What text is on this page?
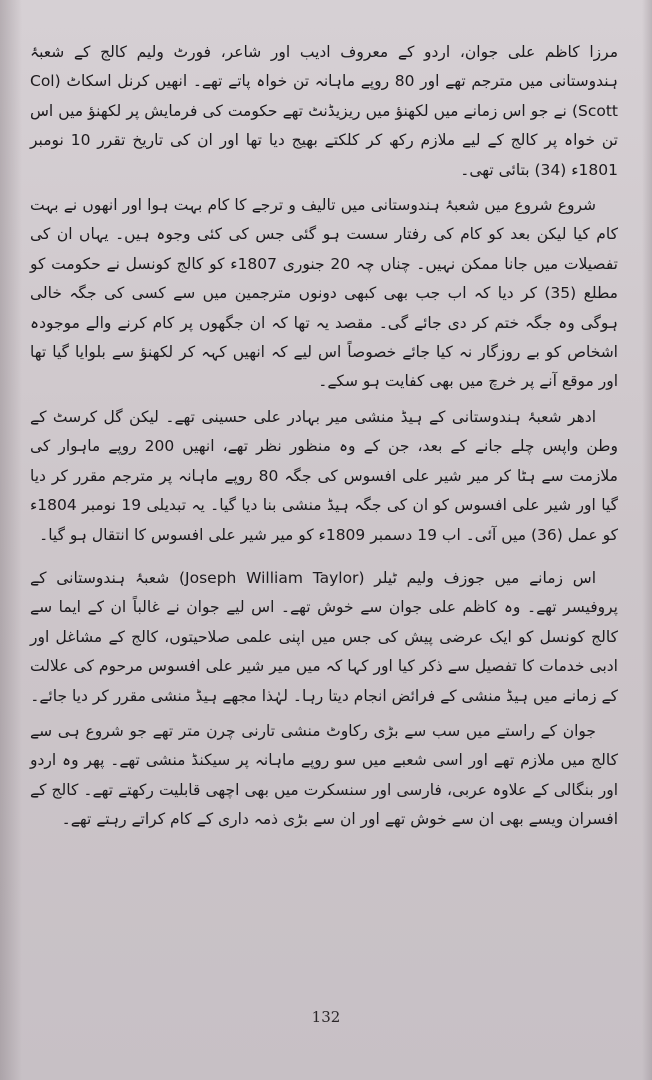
مرزا کاظم علی جوان، اردو کے معروف ادیب اور شاعر، فورٹ ولیم کالج کے شعبۂ ہندوستانی میں مترجم تھے اور 80 روپے ماہانہ تن خواہ پاتے تھے۔ انھیں کرنل اسکاٹ (Col Scott) نے جو اس زمانے میں لکھنؤ میں ریزیڈنٹ تھے حکومت کی فرمایش پر لکھنؤ میں اس تن خواہ پر کالج کے لیے ملازم رکھ کر کلکتے بھیج دیا تھا اور ان کی تاریخ تقرر 10 نومبر 1801ء (34) بتائی تھی۔

شروع شروع میں شعبۂ ہندوستانی میں تالیف و ترجے کا کام بہت ہوا اور انھوں نے بہت کام کیا لیکن بعد کو کام کی رفتار سست ہو گئی جس کی کئی وجوہ ہیں۔ یہاں ان کی تفصیلات میں جانا ممکن نہیں۔ چناں چہ 20 جنوری 1807ء کو کالج کونسل نے حکومت کو مطلع (35) کر دیا کہ اب جب بھی کبھی دونوں مترجمین میں سے کسی کی جگہ خالی ہوگی وہ جگہ ختم کر دی جائے گی۔ مقصد یہ تھا کہ ان جگھوں پر کام کرنے والے موجودہ اشخاص کو بے روزگار نہ کیا جائے خصوصاً اس لیے کہ انھیں کہہ کر لکھنؤ سے بلوایا گیا تھا اور موقع آنے پر خرچ میں بھی کفایت ہو سکے۔

ادھر شعبۂ ہندوستانی کے ہیڈ منشی میر بہادر علی حسینی تھے۔ لیکن گل کرسٹ کے وطن واپس چلے جانے کے بعد، جن کے وہ منظور نظر تھے، انھیں 200 روپے ماہوار کی ملازمت سے ہٹا کر میر شیر علی افسوس کی جگہ 80 روپے ماہانہ پر مترجم مقرر کر دیا گیا اور شیر علی افسوس کو ان کی جگہ ہیڈ منشی بنا دیا گیا۔ یہ تبدیلی 19 نومبر 1804ء کو عمل (36) میں آئی۔ اب 19 دسمبر 1809ء کو میر شیر علی افسوس کا انتقال ہو گیا۔

اس زمانے میں جوزف ولیم ٹیلر (Joseph William Taylor) شعبۂ ہندوستانی کے پروفیسر تھے۔ وہ کاظم علی جوان سے خوش تھے۔ اس لیے جوان نے غالباً ان کے ایما سے کالج کونسل کو ایک عرضی پیش کی جس میں اپنی علمی صلاحیتوں، کالج کے مشاغل اور ادبی خدمات کا تفصیل سے ذکر کیا اور کہا کہ میں میر شیر علی افسوس مرحوم کی علالت کے زمانے میں ہیڈ منشی کے فرائض انجام دیتا رہا۔ لہٰذا مجھے ہیڈ منشی مقرر کر دیا جائے۔

جوان کے راستے میں سب سے بڑی رکاوٹ منشی تارنی چرن متر تھے جو شروع ہی سے کالج میں ملازم تھے اور اسی شعبے میں سو روپے ماہانہ پر سیکنڈ منشی تھے۔ پھر وہ اردو اور بنگالی کے علاوہ عربی، فارسی اور سنسکرت میں بھی اچھی قابلیت رکھتے تھے۔ کالج کے افسران ویسے بھی ان سے خوش تھے اور ان سے بڑی ذمہ داری کے کام کراتے رہتے تھے۔

132
